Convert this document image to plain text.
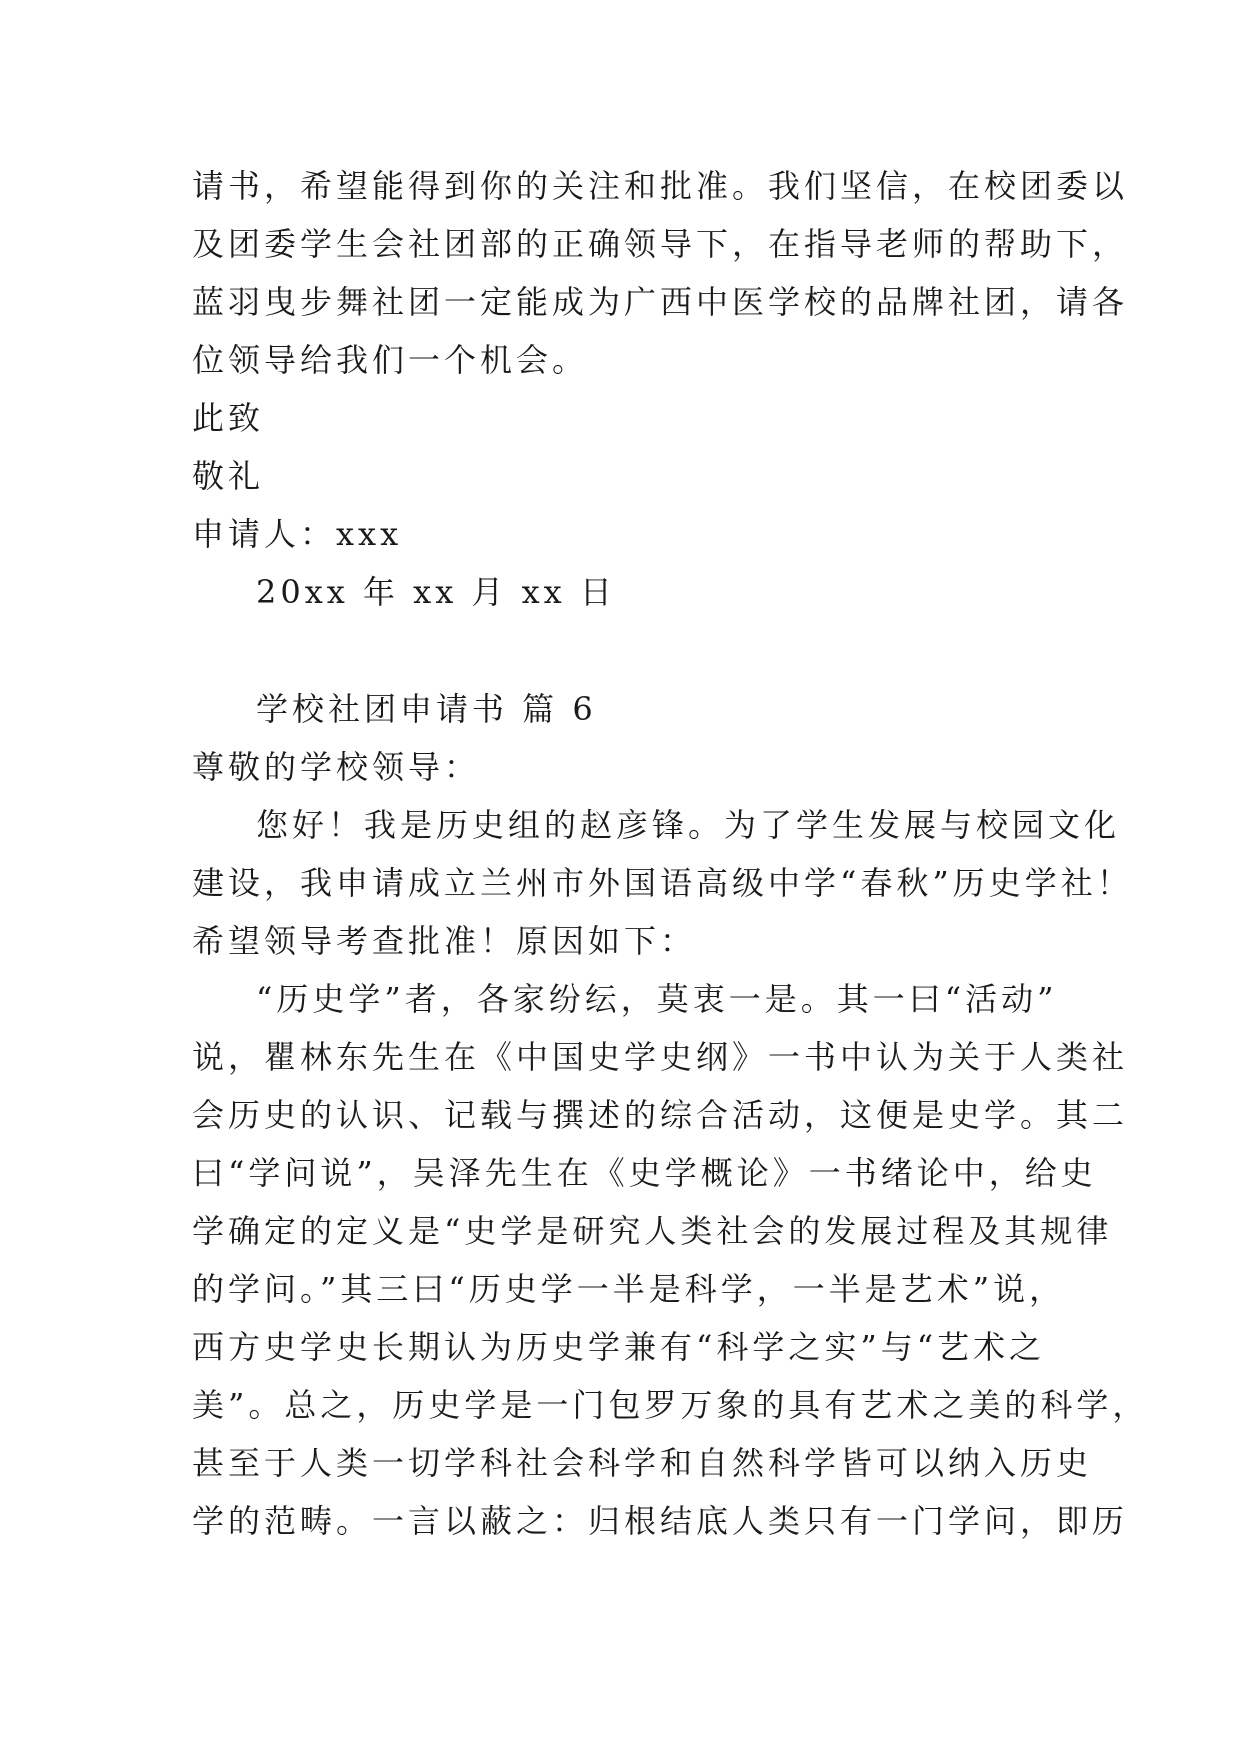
请书，希望能得到你的关注和批准。我们坚信，在校团委以
及团委学生会社团部的正确领导下，在指导老师的帮助下，
蓝羽曳步舞社团一定能成为广西中医学校的品牌社团，请各
位领导给我们一个机会。
此致
敬礼
申请人：xxx
20xx 年 xx 月 xx 日
学校社团申请书 篇 6
尊敬的学校领导：
您好！我是历史组的赵彦锋。为了学生发展与校园文化
建设，我申请成立兰州市外国语高级中学“春秋”历史学社！
希望领导考查批准！原因如下：
“历史学”者，各家纷纭，莫衷一是。其一曰“活动”
说，瞿林东先生在《中国史学史纲》一书中认为关于人类社
会历史的认识、记载与撰述的综合活动，这便是史学。其二
曰“学问说”，吴泽先生在《史学概论》一书绪论中，给史
学确定的定义是“史学是研究人类社会的发展过程及其规律
的学问。”其三曰“历史学一半是科学，一半是艺术”说，
西方史学史长期认为历史学兼有“科学之实”与“艺术之
美”。总之，历史学是一门包罗万象的具有艺术之美的科学，
甚至于人类一切学科社会科学和自然科学皆可以纳入历史
学的范畴。一言以蔽之：归根结底人类只有一门学问，即历
